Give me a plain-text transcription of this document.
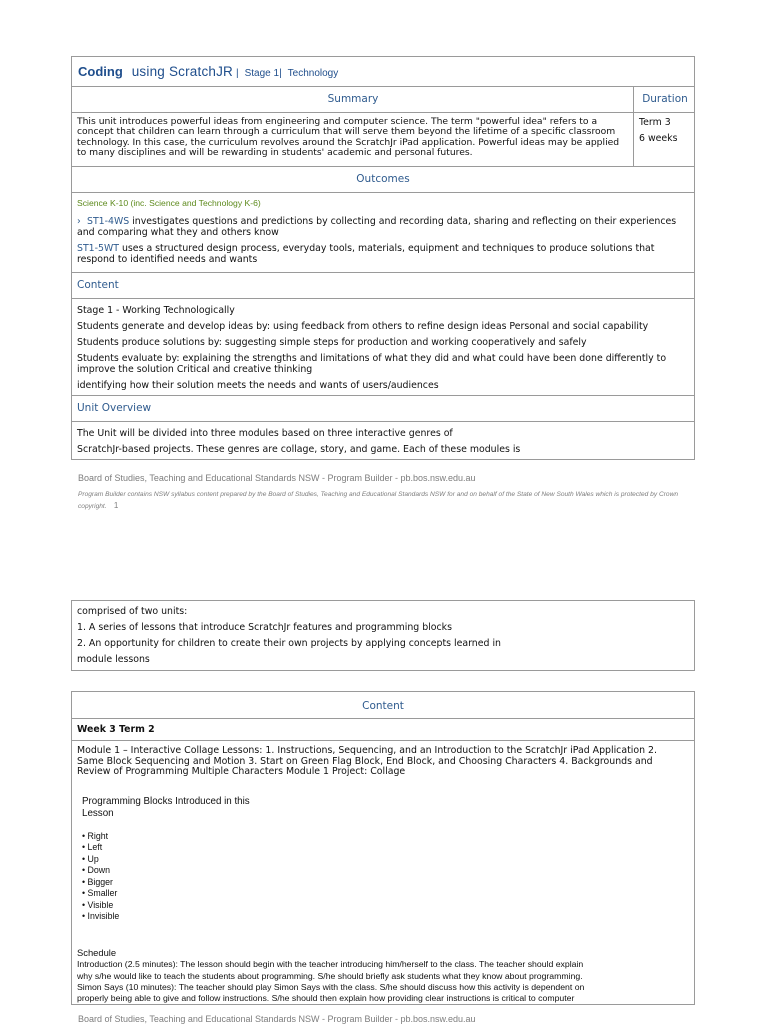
Coding using ScratchJR | Stage 1| Technology
Summary	Duration

This unit introduces powerful ideas from engineering and computer science. The term "powerful idea" refers to a concept that children can learn through a curriculum that will serve them beyond the lifetime of a specific classroom technology. In this case, the curriculum revolves around the ScratchJr iPad application. Powerful ideas may be applied to many disciplines and will be rewarding in students' academic and personal futures.

Term 3

6 weeks

Outcomes

Science K-10 (inc. Science and Technology K-6)

› ST1-4WS investigates questions and predictions by collecting and recording data, sharing and reflecting on their experiences and comparing what they and others know
ST1-5WT uses a structured design process, everyday tools, materials, equipment and techniques to produce solutions that respond to identified needs and wants
Content

Stage 1 - Working Technologically

Students generate and develop ideas by: using feedback from others to refine design ideas Personal and social capability

Students produce solutions by: suggesting simple steps for production and working cooperatively and safely

Students evaluate by: explaining the strengths and limitations of what they did and what could have been done differently to improve the solution Critical and creative thinking

identifying how their solution meets the needs and wants of users/audiences

Unit Overview

The Unit will be divided into three modules based on three interactive genres of

ScratchJr-based projects. These genres are collage, story, and game. Each of these modules is

Board of Studies, Teaching and Educational Standards NSW - Program Builder - pb.bos.nsw.edu.au

Program Builder contains NSW syllabus content prepared by the Board of Studies, Teaching and Educational Standards NSW for and on behalf of the State of New South Wales which is protected by Crown copyright. 1

comprised of two units:

1. A series of lessons that introduce ScratchJr features and programming blocks

2. An opportunity for children to create their own projects by applying concepts learned in

module lessons

Content

Week 3 Term 2

Module 1 – Interactive Collage Lessons: 1. Instructions, Sequencing, and an Introduction to the ScratchJr iPad Application 2. Same Block Sequencing and Motion 3. Start on Green Flag Block, End Block, and Choosing Characters 4. Backgrounds and Review of Programming Multiple Characters Module 1 Project: Collage

Programming Blocks Introduced in this

Lesson

• Right

• Left

• Up

• Down

• Bigger

• Smaller

• Visible

• Invisible

Schedule

Introduction (2.5 minutes): The lesson should begin with the teacher introducing him/herself to the class. The teacher should explain

why s/he would like to teach the students about programming. S/he should briefly ask students what they know about programming.

Simon Says (10 minutes): The teacher should play Simon Says with the class. S/he should discuss how this activity is dependent on

properly being able to give and follow instructions. S/he should then explain how providing clear instructions is critical to computer

Board of Studies, Teaching and Educational Standards NSW - Program Builder - pb.bos.nsw.edu.au
